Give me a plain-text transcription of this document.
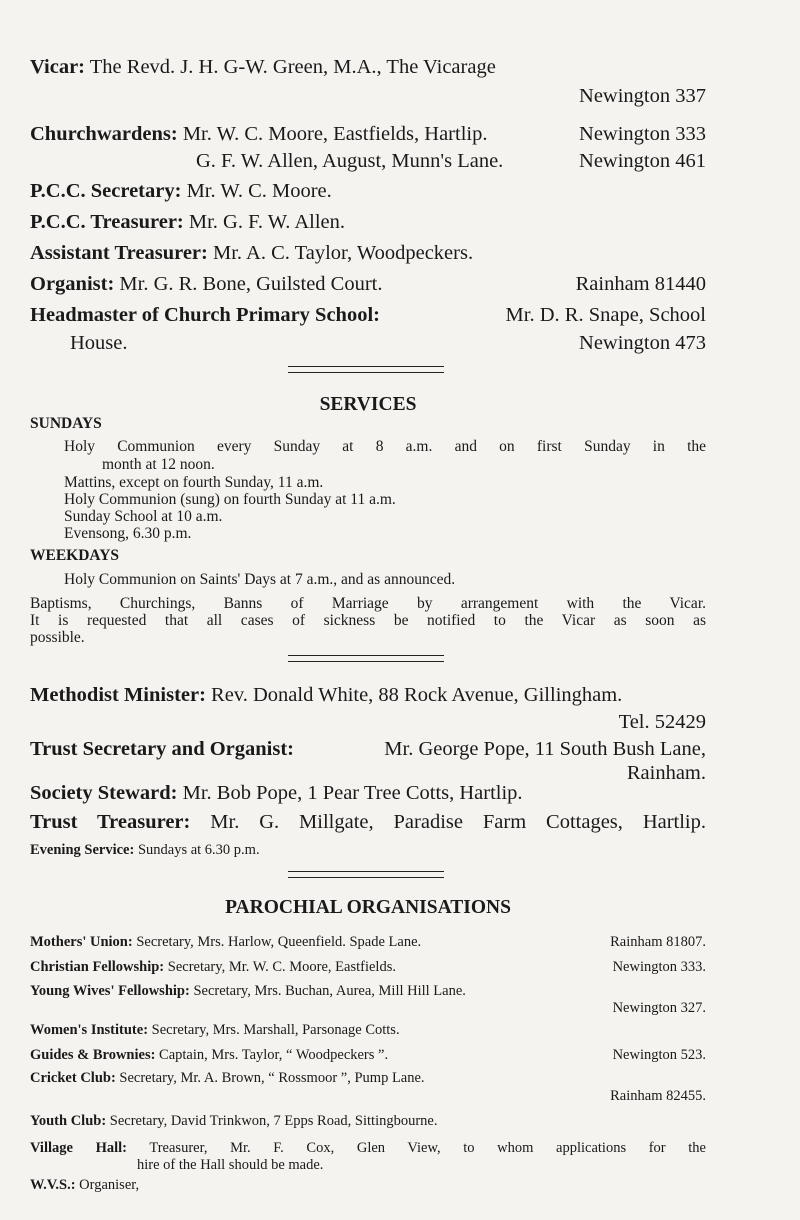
Vicar: The Revd. J. H. G-W. Green, M.A., The Vicarage
Newington 337
Churchwardens: Mr. W. C. Moore, Eastfields, Hartlip.	Newington 333
G. F. W. Allen, August, Munn's Lane.	Newington 461
P.C.C. Secretary: Mr. W. C. Moore.
P.C.C. Treasurer: Mr. G. F. W. Allen.
Assistant Treasurer: Mr. A. C. Taylor, Woodpeckers.
Organist: Mr. G. R. Bone, Guilsted Court.	Rainham 81440
Headmaster of Church Primary School:	Mr. D. R. Snape, School
House.	Newington 473
SERVICES
SUNDAYS
Holy Communion every Sunday at 8 a.m. and on first Sunday in the
month at 12 noon.
Mattins, except on fourth Sunday, 11 a.m.
Holy Communion (sung) on fourth Sunday at 11 a.m.
Sunday School at 10 a.m.
Evensong, 6.30 p.m.
WEEKDAYS
Holy Communion on Saints' Days at 7 a.m., and as announced.
Baptisms, Churchings, Banns of Marriage by arrangement with the Vicar.
It is requested that all cases of sickness be notified to the Vicar as soon as
possible.
Methodist Minister: Rev. Donald White, 88 Rock Avenue, Gillingham.
Tel. 52429
Trust Secretary and Organist:	Mr. George Pope, 11 South Bush Lane,
Rainham.
Society Steward: Mr. Bob Pope, 1 Pear Tree Cotts, Hartlip.
Trust Treasurer: Mr. G. Millgate, Paradise Farm Cottages, Hartlip.
Evening Service: Sundays at 6.30 p.m.
PAROCHIAL ORGANISATIONS
Mothers' Union: Secretary, Mrs. Harlow, Queenfield. Spade Lane.	Rainham 81807.
Christian Fellowship: Secretary, Mr. W. C. Moore, Eastfields.	Newington 333.
Young Wives' Fellowship: Secretary, Mrs. Buchan, Aurea, Mill Hill Lane.
Newington 327.
Women's Institute: Secretary, Mrs. Marshall, Parsonage Cotts.
Guides & Brownies: Captain, Mrs. Taylor, “ Woodpeckers ”.	Newington 523.
Cricket Club: Secretary, Mr. A. Brown, “ Rossmoor ”, Pump Lane.
Rainham 82455.
Youth Club: Secretary, David Trinkwon, 7 Epps Road, Sittingbourne.
Village Hall: Treasurer, Mr. F. Cox, Glen View, to whom applications for the
hire of the Hall should be made.
W.V.S.: Organiser,
